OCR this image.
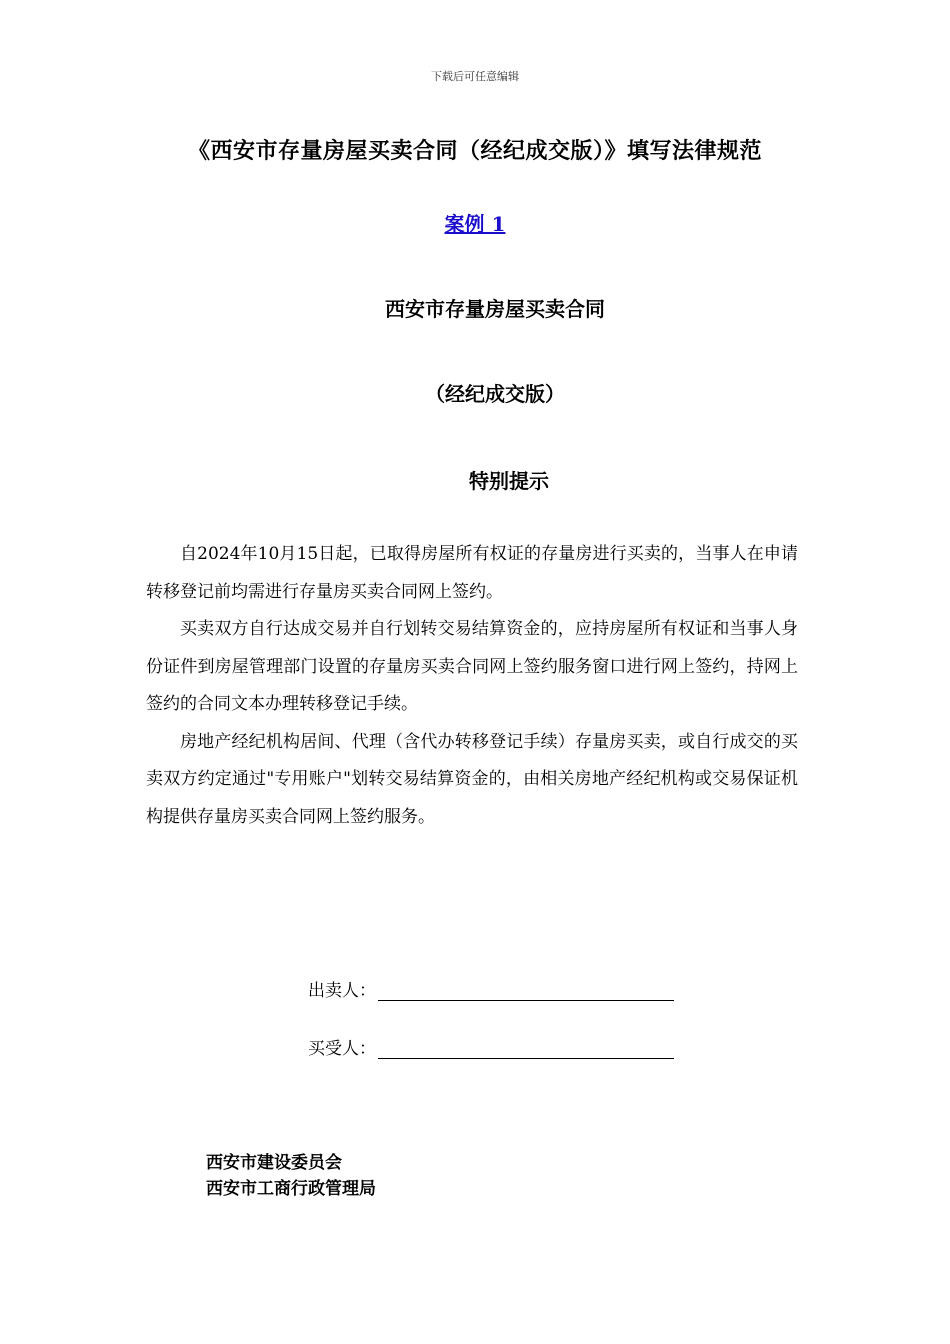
下载后可任意编辑
《西安市存量房屋买卖合同（经纪成交版）》填写法律规范
案例 1
西安市存量房屋买卖合同
（经纪成交版）
特别提示

自2024年10月15日起，已取得房屋所有权证的存量房进行买卖的，当事人在申请转移登记前均需进行存量房买卖合同网上签约。

买卖双方自行达成交易并自行划转交易结算资金的，应持房屋所有权证和当事人身份证件到房屋管理部门设置的存量房买卖合同网上签约服务窗口进行网上签约，持网上签约的合同文本办理转移登记手续。

房地产经纪机构居间、代理（含代办转移登记手续）存量房买卖，或自行成交的买卖双方约定通过"专用账户"划转交易结算资金的，由相关房地产经纪机构或交易保证机构提供存量房买卖合同网上签约服务。

出卖人：
买受人：
西安市建设委员会
西安市工商行政管理局
